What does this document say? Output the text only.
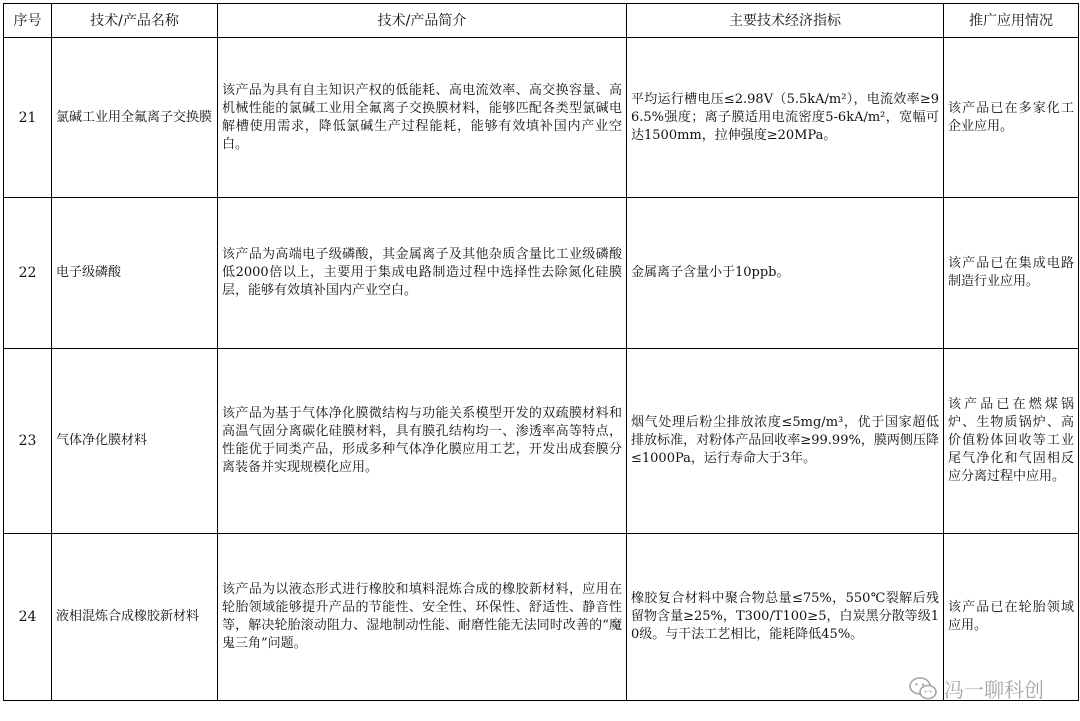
序号	技术/产品名称	技术/产品简介	主要技术经济指标	推广应用情况
21	氯碱工业用全氟离子交换膜	该产品为具有自主知识产权的低能耗、高电流效率、高交换容量、高机械性能的氯碱工业用全氟离子交换膜材料，能够匹配各类型氯碱电解槽使用需求，降低氯碱生产过程能耗，能够有效填补国内产业空白。	平均运行槽电压≤2.98V（5.5kA/m²），电流效率≥96.5%强度；离子膜适用电流密度5-6kA/m²，宽幅可达1500mm，拉伸强度≥20MPa。	该产品已在多家化工企业应用。
22	电子级磷酸	该产品为高端电子级磷酸，其金属离子及其他杂质含量比工业级磷酸低2000倍以上，主要用于集成电路制造过程中选择性去除氮化硅膜层，能够有效填补国内产业空白。	金属离子含量小于10ppb。	该产品已在集成电路制造行业应用。
23	气体净化膜材料	该产品为基于气体净化膜微结构与功能关系模型开发的双疏膜材料和高温气固分离碳化硅膜材料，具有膜孔结构均一、渗透率高等特点，性能优于同类产品，形成多种气体净化膜应用工艺，开发出成套膜分离装备并实现规模化应用。	烟气处理后粉尘排放浓度≤5mg/m³，优于国家超低排放标准，对粉体产品回收率≥99.99%，膜两侧压降≤1000Pa，运行寿命大于3年。	该产品已在燃煤锅炉、生物质锅炉、高价值粉体回收等工业尾气净化和气固相反应分离过程中应用。
24	液相混炼合成橡胶新材料	该产品为以液态形式进行橡胶和填料混炼合成的橡胶新材料，应用在轮胎领域能够提升产品的节能性、安全性、环保性、舒适性、静音性等，解决轮胎滚动阻力、湿地制动性能、耐磨性能无法同时改善的“魔鬼三角”问题。	橡胶复合材料中聚合物总量≤75%，550℃裂解后残留物含量≥25%，T300/T100≥5，白炭黑分散等级10级。与干法工艺相比，能耗降低45%。	该产品已在轮胎领域应用。
冯一聊科创
